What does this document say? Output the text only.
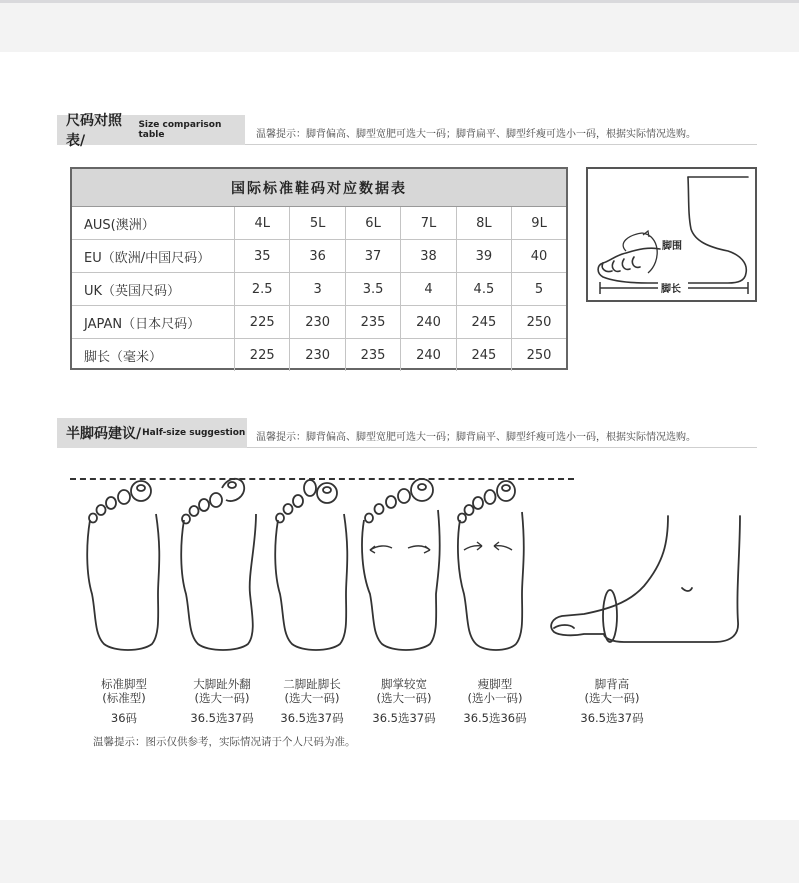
尺码对照表/
Size comparison table	温馨提示：脚背偏高、脚型宽肥可选大一码；脚背扁平、脚型纤瘦可选小一码，根据实际情况选购。
国际标准鞋码对应数据表
AUS(澳洲）	4L	5L	6L	7L	8L	9L
EU（欧洲/中国尺码）	35	36	37	38	39	40
UK（英国尺码）	2.5	3	3.5	4	4.5	5
JAPAN（日本尺码）	225	230	235	240	245	250
脚长（毫米）	225	230	235	240	245	250
脚围
脚长
半脚码建议/ Half-size suggestion 温馨提示：脚背偏高、脚型宽肥可选大一码；脚背扁平、脚型纤瘦可选小一码，根据实际情况选购。
标准脚型
(标准型)
36码
大脚趾外翻
(选大一码)
36.5选37码
二脚趾脚长
(选大一码)
36.5选37码
脚掌较宽
(选大一码)
36.5选37码
瘦脚型
(选小一码)
36.5选36码
脚背高
(选大一码)
36.5选37码
温馨提示：图示仅供参考，实际情况请于个人尺码为准。
